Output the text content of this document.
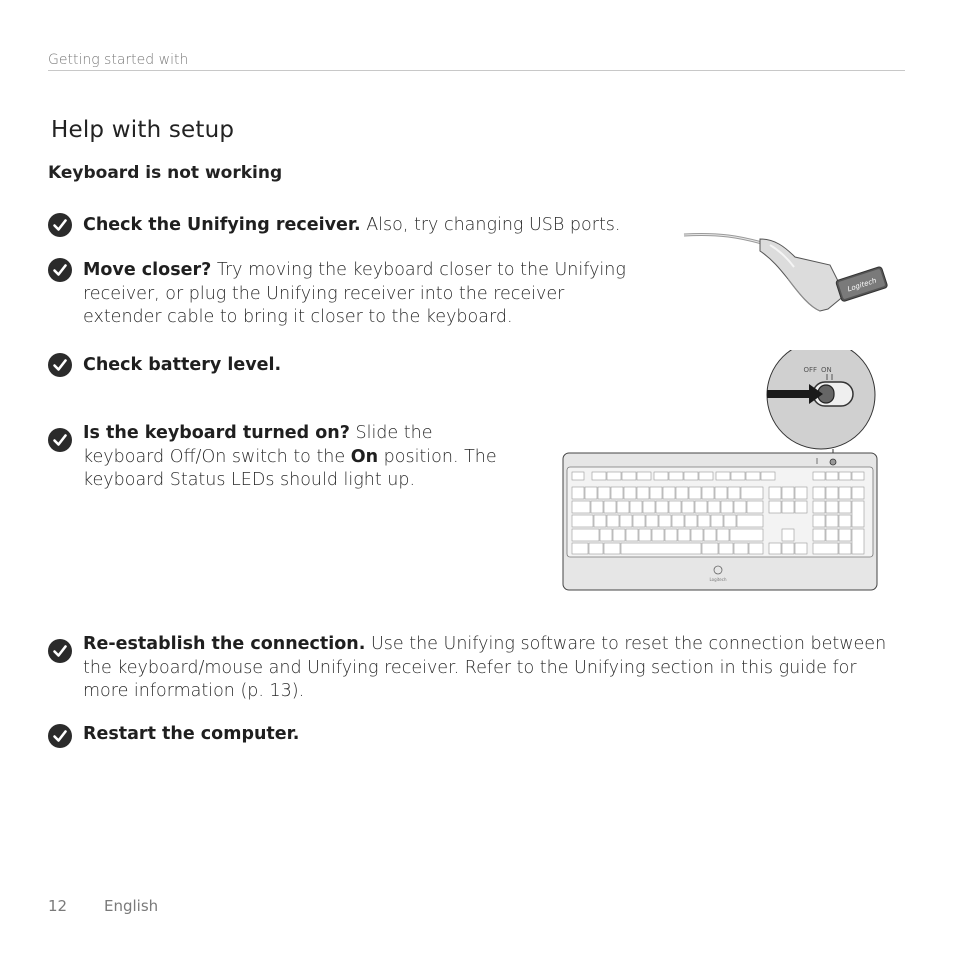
Getting started with
Help with setup
Keyboard is not working
Check the Unifying receiver. Also, try changing USB ports.
Move closer? Try moving the keyboard closer to the Unifying receiver, or plug the Unifying receiver into the receiver extender cable to bring it closer to the keyboard.
Check battery level.
Is the keyboard turned on? Slide the keyboard Off/On switch to the On position. The keyboard Status LEDs should light up.
Re-establish the connection. Use the Unifying software to reset the connection between the keyboard/mouse and Unifying receiver. Refer to the Unifying section in this guide for more information (p. 13).
Restart the computer.
Logitech
OFF ON
Logitech
12 English
